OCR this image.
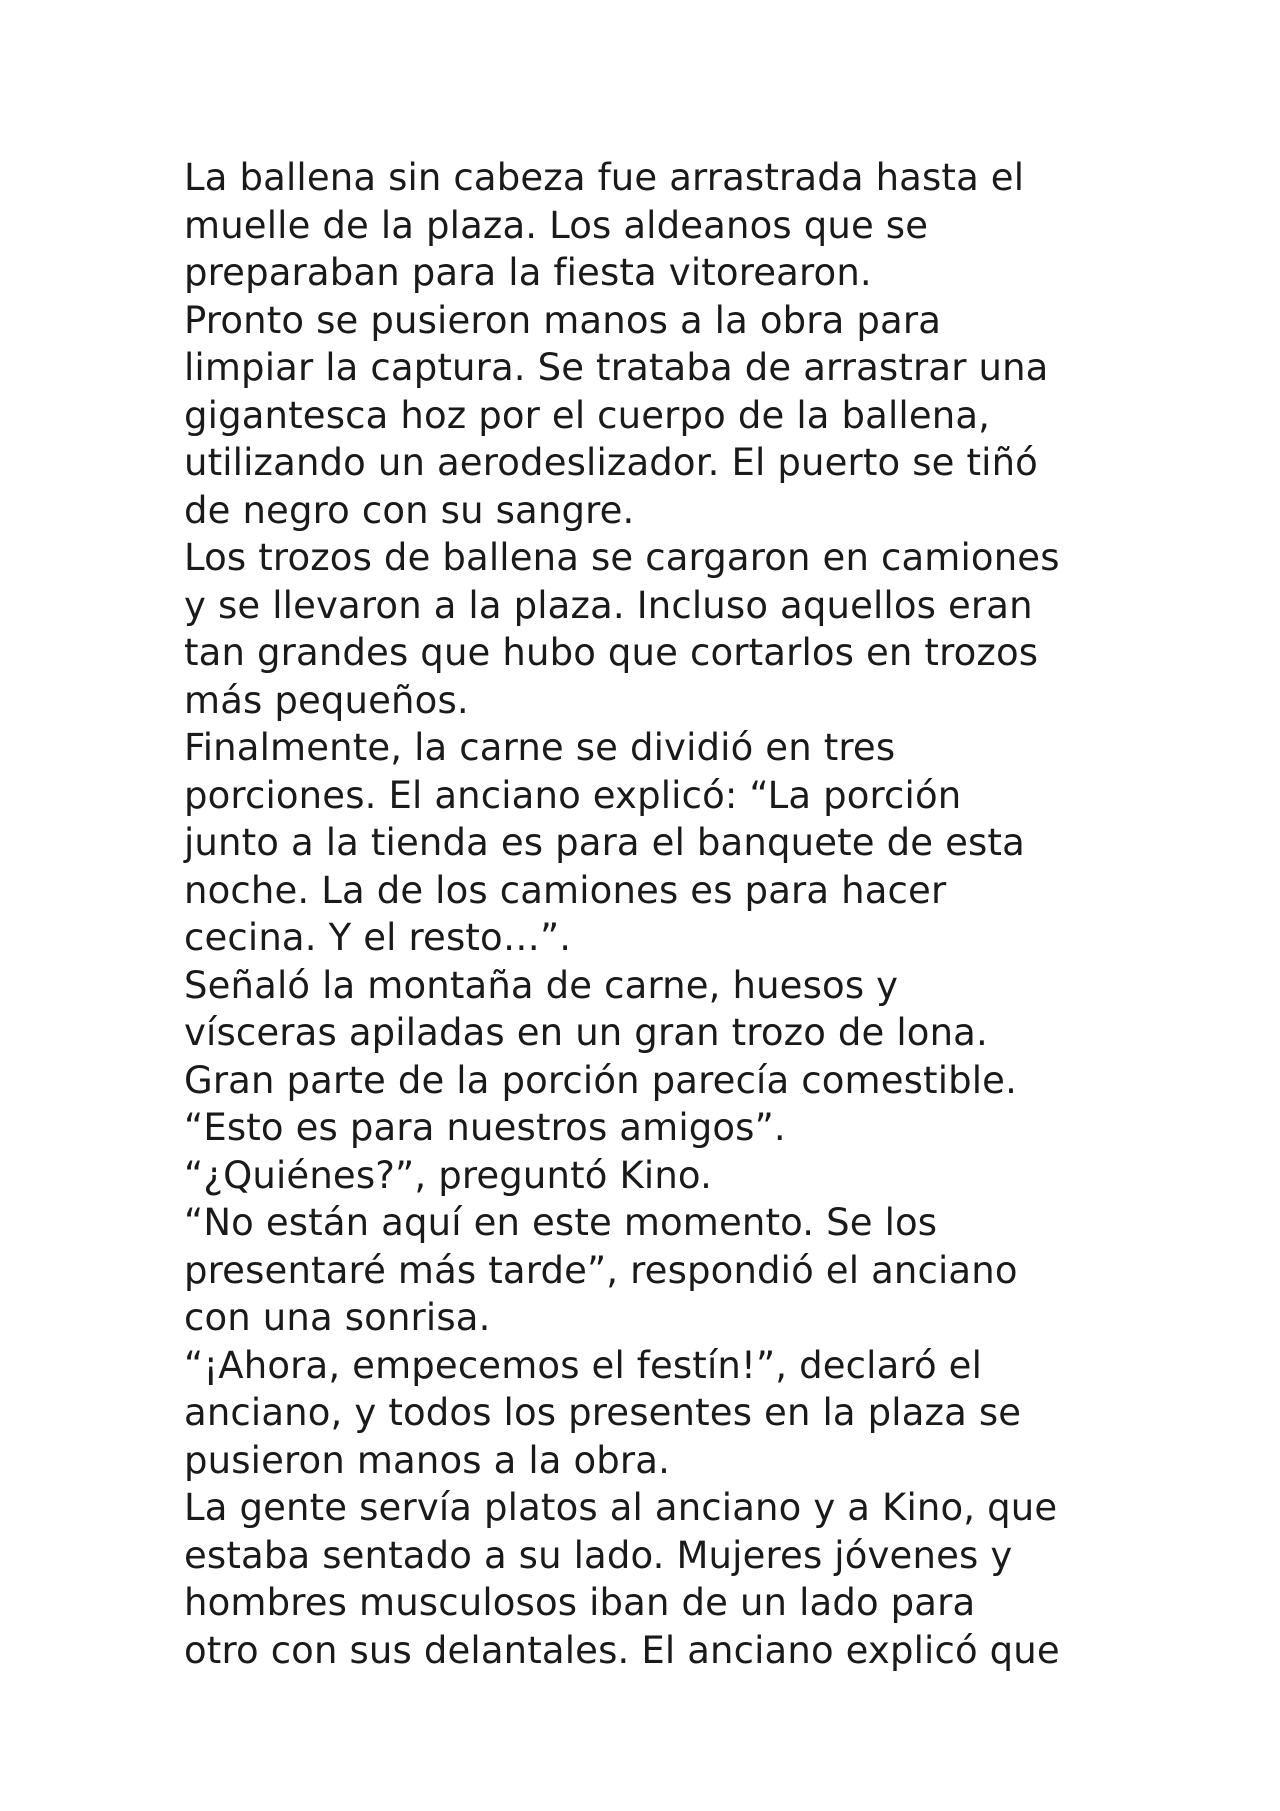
La ballena sin cabeza fue arrastrada hasta el
muelle de la plaza. Los aldeanos que se
preparaban para la fiesta vitorearon.
Pronto se pusieron manos a la obra para
limpiar la captura. Se trataba de arrastrar una
gigantesca hoz por el cuerpo de la ballena,
utilizando un aerodeslizador. El puerto se tiñó
de negro con su sangre.
Los trozos de ballena se cargaron en camiones
y se llevaron a la plaza. Incluso aquellos eran
tan grandes que hubo que cortarlos en trozos
más pequeños.
Finalmente, la carne se dividió en tres
porciones. El anciano explicó: “La porción
junto a la tienda es para el banquete de esta
noche. La de los camiones es para hacer
cecina. Y el resto…”.
Señaló la montaña de carne, huesos y
vísceras apiladas en un gran trozo de lona.
Gran parte de la porción parecía comestible.
“Esto es para nuestros amigos”.
“¿Quiénes?”, preguntó Kino.
“No están aquí en este momento. Se los
presentaré más tarde”, respondió el anciano
con una sonrisa.
“¡Ahora, empecemos el festín!”, declaró el
anciano, y todos los presentes en la plaza se
pusieron manos a la obra.
La gente servía platos al anciano y a Kino, que
estaba sentado a su lado. Mujeres jóvenes y
hombres musculosos iban de un lado para
otro con sus delantales. El anciano explicó que
